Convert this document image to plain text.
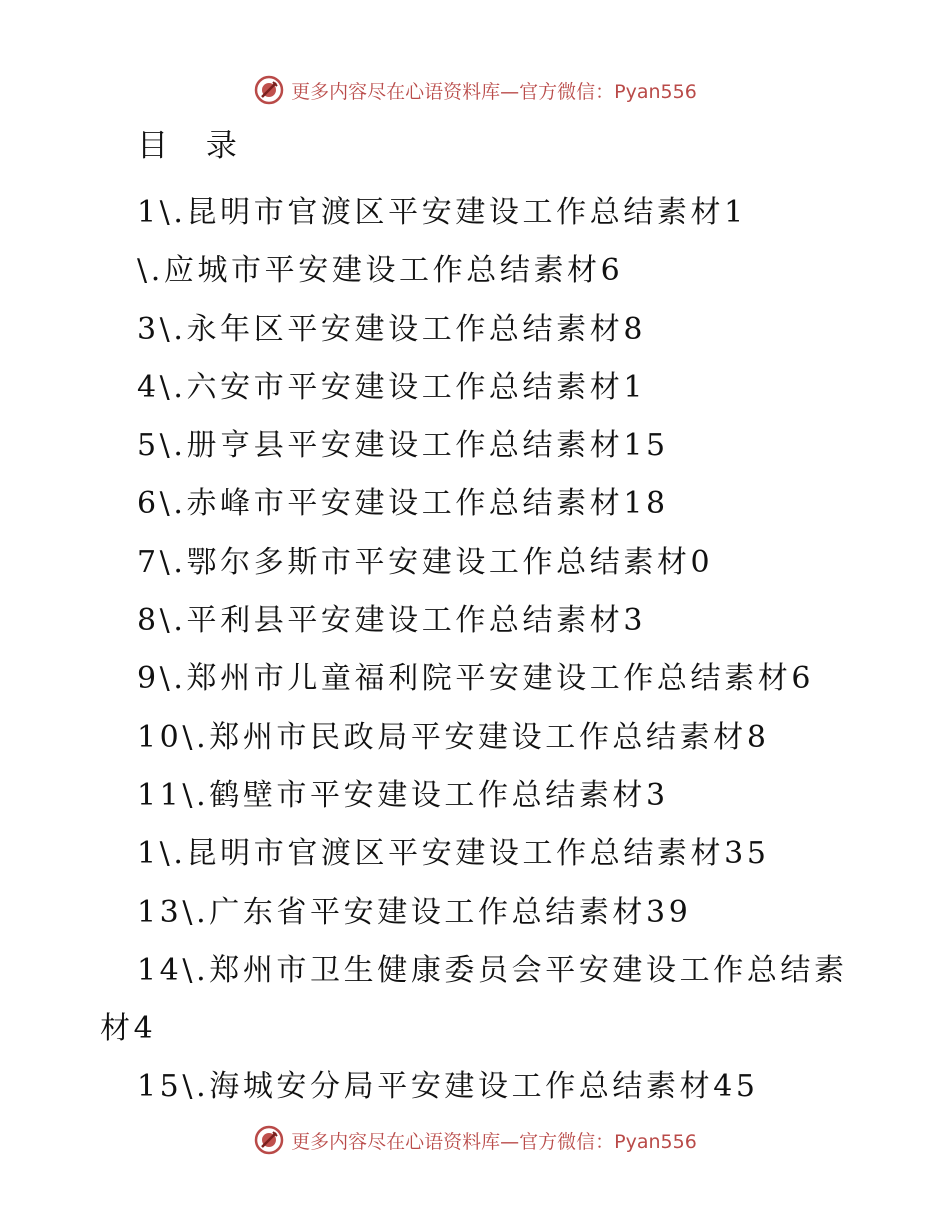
更多内容尽在心语资料库—官方微信：Pyan556
目 录
1\.昆明市官渡区平安建设工作总结素材1
\.应城市平安建设工作总结素材6
3\.永年区平安建设工作总结素材8
4\.六安市平安建设工作总结素材1
5\.册亨县平安建设工作总结素材15
6\.赤峰市平安建设工作总结素材18
7\.鄂尔多斯市平安建设工作总结素材0
8\.平利县平安建设工作总结素材3
9\.郑州市儿童福利院平安建设工作总结素材6
10\.郑州市民政局平安建设工作总结素材8
11\.鹤壁市平安建设工作总结素材3
1\.昆明市官渡区平安建设工作总结素材35
13\.广东省平安建设工作总结素材39
14\.郑州市卫生健康委员会平安建设工作总结素材4
15\.海城安分局平安建设工作总结素材45
更多内容尽在心语资料库—官方微信：Pyan556
